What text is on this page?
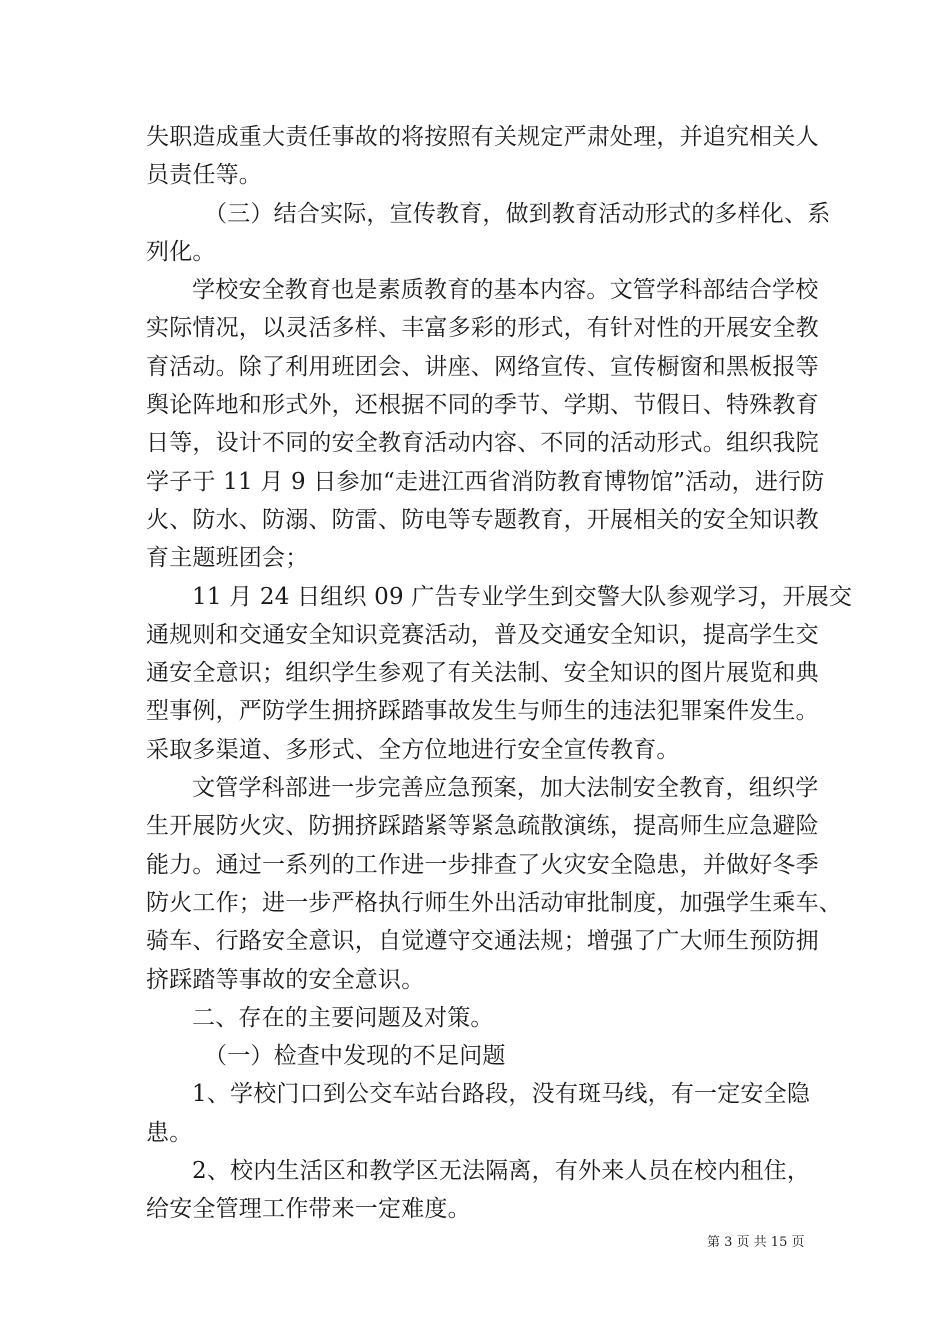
失职造成重大责任事故的将按照有关规定严肃处理，并追究相关人
员责任等。
（三）结合实际，宣传教育，做到教育活动形式的多样化、系
列化。
学校安全教育也是素质教育的基本内容。文管学科部结合学校
实际情况，以灵活多样、丰富多彩的形式，有针对性的开展安全教
育活动。除了利用班团会、讲座、网络宣传、宣传橱窗和黑板报等
舆论阵地和形式外，还根据不同的季节、学期、节假日、特殊教育
日等，设计不同的安全教育活动内容、不同的活动形式。组织我院
学子于 11 月 9 日参加“走进江西省消防教育博物馆”活动，进行防
火、防水、防溺、防雷、防电等专题教育，开展相关的安全知识教
育主题班团会；
11 月 24 日组织 09 广告专业学生到交警大队参观学习，开展交
通规则和交通安全知识竞赛活动，普及交通安全知识，提高学生交
通安全意识；组织学生参观了有关法制、安全知识的图片展览和典
型事例，严防学生拥挤踩踏事故发生与师生的违法犯罪案件发生。
采取多渠道、多形式、全方位地进行安全宣传教育。
文管学科部进一步完善应急预案，加大法制安全教育，组织学
生开展防火灾、防拥挤踩踏紧等紧急疏散演练，提高师生应急避险
能力。通过一系列的工作进一步排查了火灾安全隐患，并做好冬季
防火工作；进一步严格执行师生外出活动审批制度，加强学生乘车、
骑车、行路安全意识，自觉遵守交通法规；增强了广大师生预防拥
挤踩踏等事故的安全意识。
二、存在的主要问题及对策。
（一）检查中发现的不足问题
1、学校门口到公交车站台路段，没有斑马线，有一定安全隐
患。
2、校内生活区和教学区无法隔离，有外来人员在校内租住，
给安全管理工作带来一定难度。
第 3 页 共 15 页
